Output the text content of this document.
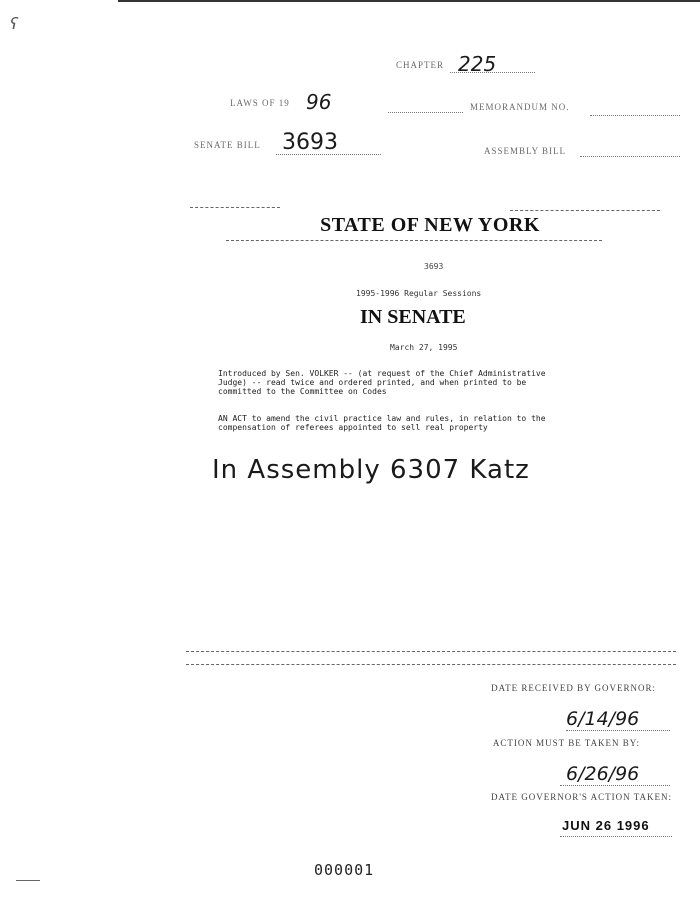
ʕ
CHAPTER 225
LAWS OF 19 96	MEMORANDUM NO.
SENATE BILL 3693	ASSEMBLY BILL
STATE OF NEW YORK
3693
1995-1996 Regular Sessions
IN SENATE
March 27, 1995
Introduced by Sen. VOLKER -- (at request of the Chief Administrative
Judge) -- read twice and ordered printed, and when printed to be
committed to the Committee on Codes
AN ACT to amend the civil practice law and rules, in relation to the
compensation of referees appointed to sell real property
In Assembly 6307 Katz
DATE RECEIVED BY GOVERNOR:
6/14/96
ACTION MUST BE TAKEN BY:
6/26/96
DATE GOVERNOR'S ACTION TAKEN:
JUN 26 1996
000001
